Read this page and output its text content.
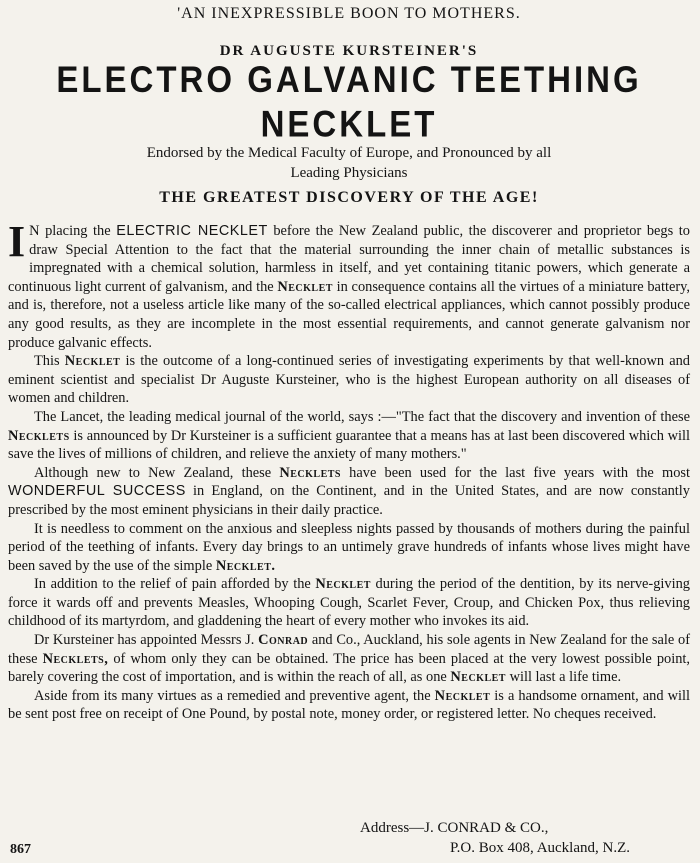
'AN INEXPRESSIBLE BOON TO MOTHERS.
DR AUGUSTE KURSTEINER'S
ELECTRO GALVANIC TEETHING NECKLET
Endorsed by the Medical Faculty of Europe, and Pronounced by all
Leading Physicians
THE GREATEST DISCOVERY OF THE AGE!

I N placing the ELECTRIC NECKLET before the New Zealand public, the discoverer and proprietor begs to draw Special Attention to the fact that the material surrounding the inner chain of metallic substances is impregnated with a chemical solution, harmless in itself, and yet containing titanic powers, which generate a continuous light current of galvanism, and the Necklet in consequence contains all the virtues of a miniature battery, and is, therefore, not a useless article like many of the so-called electrical appliances, which cannot possibly produce any good results, as they are incomplete in the most essential requirements, and cannot generate galvanism nor produce galvanic effects.

This Necklet is the outcome of a long-continued series of investigating experiments by that well-known and eminent scientist and specialist Dr Auguste Kursteiner, who is the highest European authority on all diseases of women and children.

The Lancet, the leading medical journal of the world, says :—"The fact that the discovery and invention of these Necklets is announced by Dr Kursteiner is a sufficient guarantee that a means has at last been discovered which will save the lives of millions of children, and relieve the anxiety of many mothers."

Although new to New Zealand, these Necklets have been used for the last five years with the most WONDERFUL SUCCESS in England, on the Continent, and in the United States, and are now constantly prescribed by the most eminent physicians in their daily practice.

It is needless to comment on the anxious and sleepless nights passed by thousands of mothers during the painful period of the teething of infants. Every day brings to an untimely grave hundreds of infants whose lives might have been saved by the use of the simple Necklet.

In addition to the relief of pain afforded by the Necklet during the period of the dentition, by its nerve-giving force it wards off and prevents Measles, Whooping Cough, Scarlet Fever, Croup, and Chicken Pox, thus relieving childhood of its martyrdom, and gladdening the heart of every mother who invokes its aid.

Dr Kursteiner has appointed Messrs J. Conrad and Co., Auckland, his sole agents in New Zealand for the sale of these Necklets, of whom only they can be obtained. The price has been placed at the very lowest possible point, barely covering the cost of importation, and is within the reach of all, as one Necklet will last a life time.

Aside from its many virtues as a remedied and preventive agent, the Necklet is a handsome ornament, and will be sent post free on receipt of One Pound, by postal note, money order, or registered letter. No cheques received.

Address—J. CONRAD & CO.,
P.O. Box 408, Auckland, N.Z.
867
